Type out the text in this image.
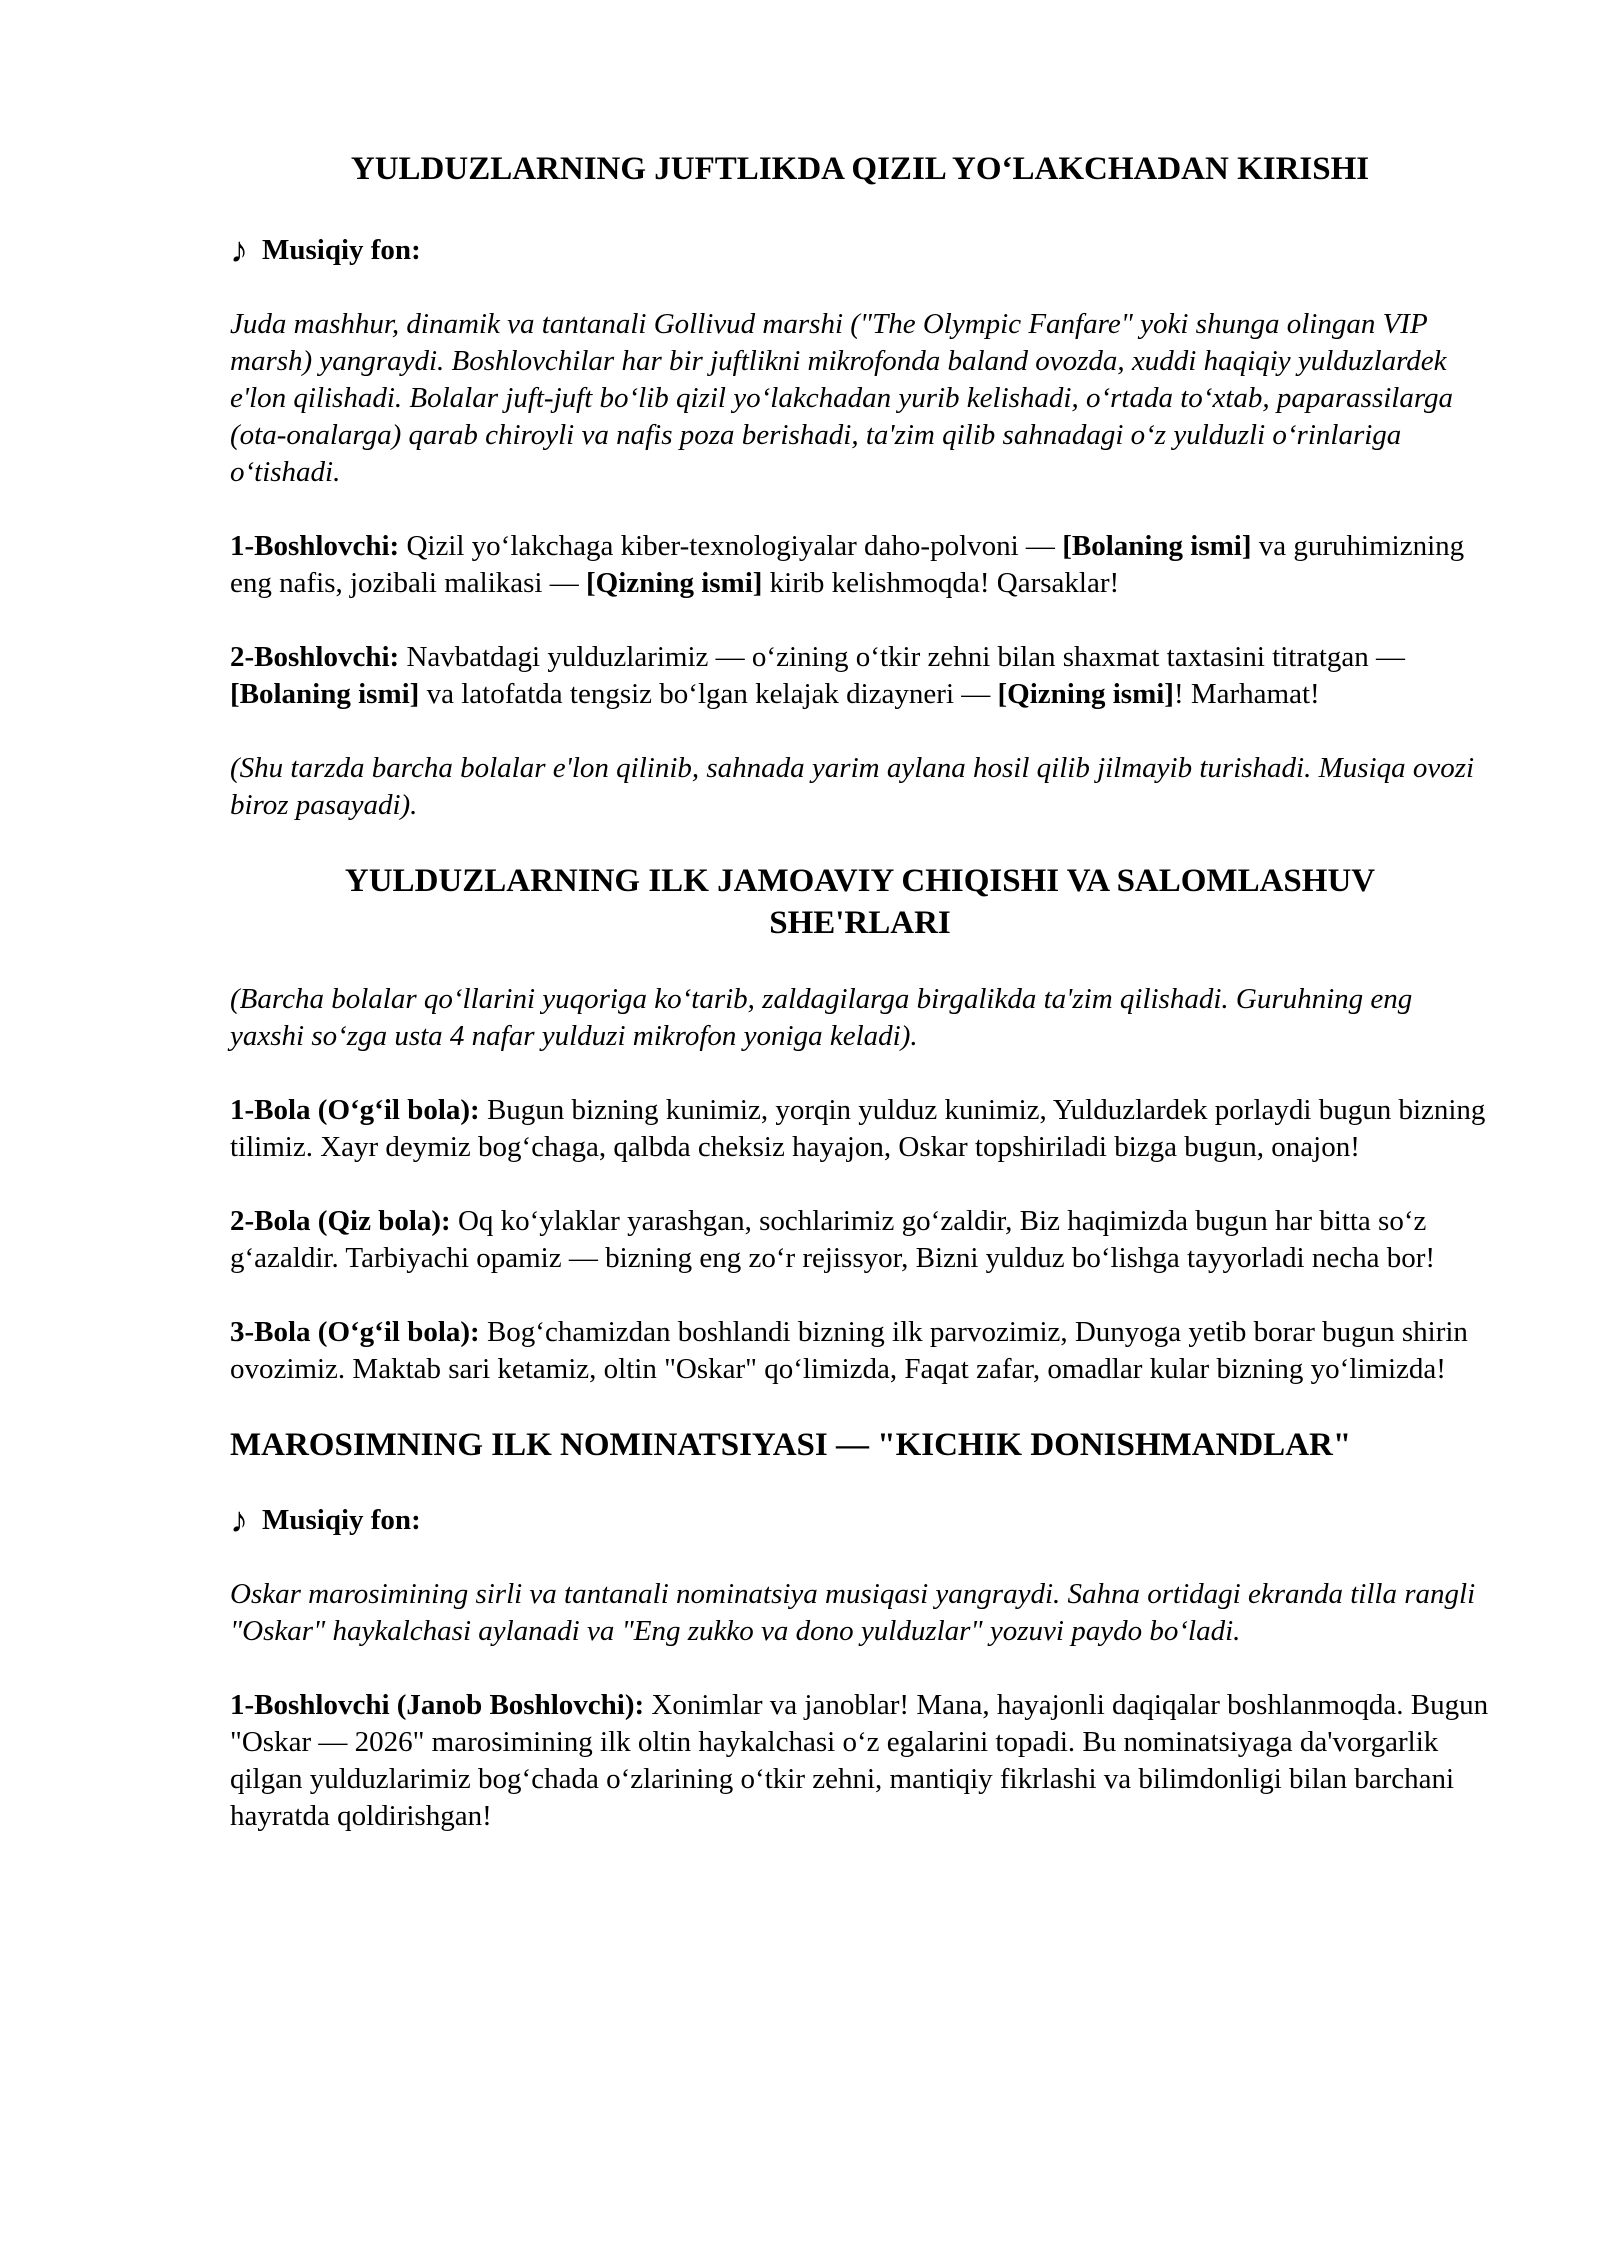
YULDUZLARNING JUFTLIKDA QIZIL YO‘LAKCHADAN KIRISHI
♪ Musiqiy fon:

Juda mashhur, dinamik va tantanali Gollivud marshi ("The Olympic Fanfare" yoki shunga olingan VIP marsh) yangraydi. Boshlovchilar har bir juftlikni mikrofonda baland ovozda, xuddi haqiqiy yulduzlardek e'lon qilishadi. Bolalar juft-juft bo‘lib qizil yo‘lakchadan yurib kelishadi, o‘rtada to‘xtab, paparassilarga (ota-onalarga) qarab chiroyli va nafis poza berishadi, ta'zim qilib sahnadagi o‘z yulduzli o‘rinlariga o‘tishadi.

1-Boshlovchi: Qizil yo‘lakchaga kiber-texnologiyalar daho-polvoni — [Bolaning ismi] va guruhimizning eng nafis, jozibali malikasi — [Qizning ismi] kirib kelishmoqda! Qarsaklar!

2-Boshlovchi: Navbatdagi yulduzlarimiz — o‘zining o‘tkir zehni bilan shaxmat taxtasini titratgan — [Bolaning ismi] va latofatda tengsiz bo‘lgan kelajak dizayneri — [Qizning ismi]! Marhamat!

(Shu tarzda barcha bolalar e'lon qilinib, sahnada yarim aylana hosil qilib jilmayib turishadi. Musiqa ovozi biroz pasayadi).

YULDUZLARNING ILK JAMOAVIY CHIQISHI VA SALOMLASHUV SHE'RLARI

(Barcha bolalar qo‘llarini yuqoriga ko‘tarib, zaldagilarga birgalikda ta'zim qilishadi. Guruhning eng yaxshi so‘zga usta 4 nafar yulduzi mikrofon yoniga keladi).

1-Bola (O‘g‘il bola): Bugun bizning kunimiz, yorqin yulduz kunimiz, Yulduzlardek porlaydi bugun bizning tilimiz. Xayr deymiz bog‘chaga, qalbda cheksiz hayajon, Oskar topshiriladi bizga bugun, onajon!

2-Bola (Qiz bola): Oq ko‘ylaklar yarashgan, sochlarimiz go‘zaldir, Biz haqimizda bugun har bitta so‘z g‘azaldir. Tarbiyachi opamiz — bizning eng zo‘r rejissyor, Bizni yulduz bo‘lishga tayyorladi necha bor!

3-Bola (O‘g‘il bola): Bog‘chamizdan boshlandi bizning ilk parvozimiz, Dunyoga yetib borar bugun shirin ovozimiz. Maktab sari ketamiz, oltin "Oskar" qo‘limizda, Faqat zafar, omadlar kular bizning yo‘limizda!

MAROSIMNING ILK NOMINATSIYASI — "KICHIK DONISHMANDLAR"
♪ Musiqiy fon:

Oskar marosimining sirli va tantanali nominatsiya musiqasi yangraydi. Sahna ortidagi ekranda tilla rangli "Oskar" haykalchasi aylanadi va "Eng zukko va dono yulduzlar" yozuvi paydo bo‘ladi.

1-Boshlovchi (Janob Boshlovchi): Xonimlar va janoblar! Mana, hayajonli daqiqalar boshlanmoqda. Bugun "Oskar — 2026" marosimining ilk oltin haykalchasi o‘z egalarini topadi. Bu nominatsiyaga da'vorgarlik qilgan yulduzlarimiz bog‘chada o‘zlarining o‘tkir zehni, mantiqiy fikrlashi va bilimdonligi bilan barchani hayratda qoldirishgan!
